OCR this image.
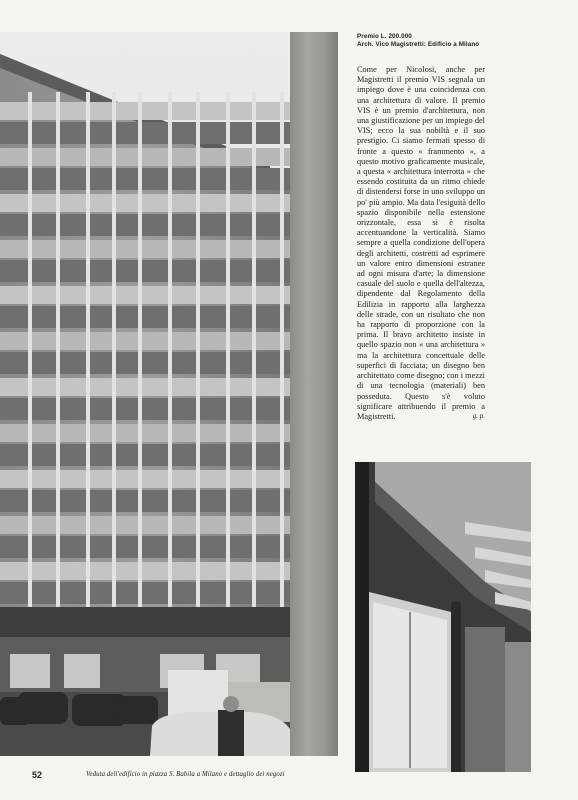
Premio L. 200.000
Arch. Vico Magistretti: Edificio a Milano

Come per Nicolosi, anche per Magistretti il premio VIS segnala un impiego dove è una coincidenza con una architettura di valore. Il premio VIS è un premio d'architettura, non una giustificazione per un impiego del VIS; ecco la sua nobiltà e il suo prestigio. Ci siamo fermati spesso di fronte a questo « frammento », a questo motivo graficamente musicale, a questa « architettura interrotta » che essendo costituita da un ritmo chiede di distendersi forse in uno sviluppo un po' più ampio. Ma data l'esiguità dello spazio disponibile nella estensione orizzontale, essa si è risolta accentuandone la verticalità. Siamo sempre a quella condizione dell'opera degli architetti, costretti ad esprimere un valore entro dimensioni estranee ad ogni misura d'arte; la dimensione casuale del suolo e quella dell'altezza, dipendente dal Regolamento della Edilizia in rapporto alla larghezza delle strade, con un risultato che non ha rapporto di proporzione con la prima. Il bravo architetto insiste in quello spazio non « una architettura » ma la architettura concettuale delle superfici di facciata; un disegno ben architettato come disegno; con i mezzi di una tecnologia (materiali) ben posseduta. Questo s'è voluto significare attribuendo il premio a Magistretti.	g. p.
52	Veduta dell'edificio in piazza S. Babila a Milano e dettaglio dei negozi
